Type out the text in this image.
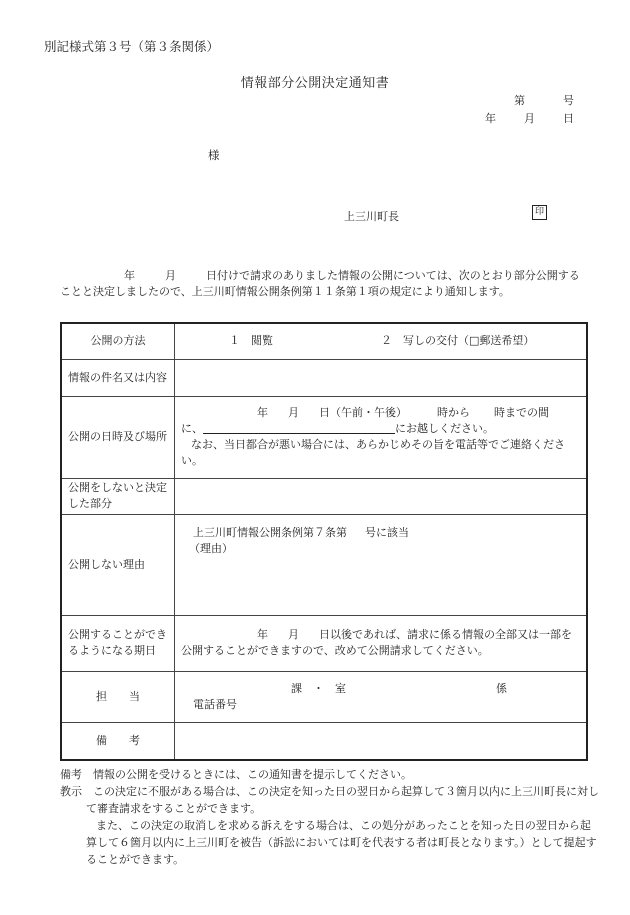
別記様式第３号（第３条関係）
情報部分公開決定通知書
第	号
年	月	日
様
上三川町長	印
年	月	日付けで請求のありました情報の公開については、次のとおり部分公開することと決定しましたので、上三川町情報公開条例第１１条第１項の規定により通知します。
公開の方法	１　閲覧 ２　写しの交付（□郵送希望）
情報の件名又は内容	
公開の日時及び場所	年 月 日（午前・午後） 時から 時までの間
に、 にお越しください。
なお、当日都合が悪い場合には、あらかじめその旨を電話等でご連絡ください。

公開をしないと決定した部分	
公開しない理由	上三川町情報公開条例第７条第 号に該当
（理由）

公開することができるようになる期日	年 月 日以後であれば、請求に係る情報の全部又は一部を公開することができますので、改めて公開請求してください。
担　　当	課　・　室 係
電話番号

備　　考	

備考　情報の公開を受けるときには、この通知書を提示してください。

教示　この決定に不服がある場合は、この決定を知った日の翌日から起算して３箇月以内に上三川町長に対して審査請求をすることができます。

また、この決定の取消しを求める訴えをする場合は、この処分があったことを知った日の翌日から起算して６箇月以内に上三川町を被告（訴訟においては町を代表する者は町長となります。）として提起することができます。
